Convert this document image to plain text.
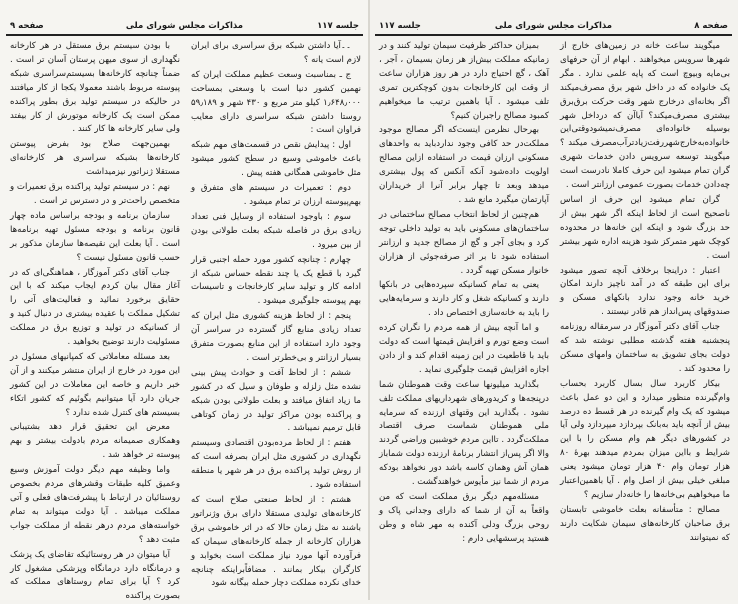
جلسه ۱۱۷
مذاکرات مجلس شورای ملی
صفحه ۹

۔۔آیا داشتن شبکه برق سراسری برای ایران لازم است یانه ؟

ج ـ بمناسبت وسعت عظیم مملکت ایران که نهمین کشور دنیا است با وسعتی بمساحت ۱٫۶۴۸٫۰۰۰ کیلو متر مربع و ۴۳۰ شهر و ۵۹٫۱۸۹ روستا داشتن شبکه سراسری دارای معایب فراوان است :

اول : پیدایش نقص در قسمت‌های مهم شبکه باعث خاموشی وسیع در سطح کشور میشود مثل خاموشی همگانی هفته پیش .

دوم : تعمیرات در سیستم های متفرق و بهم‌پیوسته ارزان تر تمام میشود .

سوم : باوجود استفاده از وسایل فنی تعداد زیادی برق در فاصله شبکه بعلت طولانی بودن از بین میرود .

چهارم : چنانچه کشور مورد حمله اجنبی قرار گیرد با قطع یک یا چند نقطه حساس شبکه از ادامه کار و تولید سایر کارخانجات و تاسیسات بهم پیوسته جلوگیری میشود .

پنجم : از لحاظ هزینه کشوری مثل ایران که تعداد زیادی منابع گاز گسترده در سراسر آن وجود دارد استفاده از این منابع بصورت متفرق بسیار ارزانتر و بی‌خطرتر است .

ششم : از لحاظ آفت و حوادث پیش بینی نشده مثل زلزله و طوفان و سیل که در کشور ما زیاد اتفاق میافتد و بعلت طولانی بودن شبکه و پراکنده بودن مراکز تولید در زمان کوتاهی قابل ترمیم نمیباشد .

هفتم : از لحاظ مرده‌بودن اقتصادی وسیستم نگهداری در کشوری مثل ایران بصرفه است که از روش تولید پراکنده برق در هر شهر یا منطقه استفاده شود .

هشتم : از لحاظ صنعتی صلاح است که کارخانه‌های تولیدی مستقلا دارای برق وژنراتور باشند نه مثل زمان حالا که در اثر خاموشی برق هزاران کارخانه از جمله کارخانه‌های سیمان که فرآورده آنها مورد نیاز مملکت است بخوابد و کارگران بیکار بمانند . مضافاً‌براینکه چنانچه خدای نکرده مملکت دچار حمله بیگانه شود

با بودن سیستم برق مستقل در هر کارخانه نگهداری از سوی میهن پرستان آسان تر است . ضمناً چنانچه کارخانه‌ها بسیستم‌سراسری شبکه پیوسته مربوط باشند معمولا یکجا از کار میافتند در حالیکه در سیستم تولید برق بطور پراکنده ممکن است یک کارخانه موتورش از کار بیفتد ولی سایر کارخانه ها کار کنند .

بهمین‌جهت صلاح بود بفرض پیوستن کارخانه‌ها بشبکه سراسری هر کارخانه‌ای مستقلا ژنراتور نیزمیداشت

نهم : در سیستم تولید پراکنده برق تعمیرات و متخصص راحت‌تر و در دسترس تر است .

سازمان برنامه و بودجه براساس ماده چهار قانون برنامه و بودجه مسئول تهیه برنامه‌ها است . آیا بعلت این نقیصه‌ها سازمان مذکور بر حسب قانون مسئول نیست ؟

جناب آقای دکتر آموزگار ، هماهنگی‌ای که در آغاز مقال بیان کردم ایجاب میکند که با این حقایق برخورد نمائید و فعالیت‌های آتی را تشکیل مملکت با عقیده بیشتری در دنبال کنید و از کسانیکه در تولید و توزیع برق در مملکت مسئولیت دارند توضیح بخواهید .

بعد مسئله معاملاتی که کمپانیهای مسئول در این مورد در خارج از ایران منتشر میکنند و از آن خبر داریم و خاصه این معاملات در این کشور جریان دارد آیا میتوانیم بگوئیم که کشور اتکاء بسیستم های کنترل شده ندارد ؟

معرض این تحقیق قرار دهد بشتیبانی وهمکاری صمیمانه مردم بادولت بیشتر و بهم پیوسته تر خواهد شد .

واما وظیفه مهم دیگر دولت آموزش وسیع وعمیق کلیه طبقات وقشرهای مردم بخصوص روستائیان در ارتباط با پیشرفت‌های فعلی و آتی مملکت میباشد . آیا دولت میتواند به تمام خواسته‌های مردم درهر نقطه از مملکت جواب مثبت دهد ؟

آیا میتوان در هر روستائیکه تقاضای یک پزشک و درمانگاه دارد درمانگاه وپزشکی مشغول کار کرد ؟ آیا برای تمام روستاهای مملکت که بصورت پراکنده

صفحه ۸
مذاکرات مجلس شورای ملی
جلسه ۱۱۷

میگویند ساعت خانه در زمین‌های خارج از شهرها سرویس میخواهند . ابهام از آن حرفهای بی‌مایه وبیوچ است که پایه علمی ندارد . مگر یک خانواده که در داخل شهر برق مصرف‌میکند اگر بخانه‌ای درخارج شهر وقت حرکت برق‌برق بیشتری مصرف‌میکند؟ آیاآن که درداخل شهر بوسیله خانواده‌ای مصرف‌نمیشود‌وقتی‌این خانواده‌به‌خارج‌شهر‌رفت‌زیاد‌تر‌آب‌مصرف میکند ؟ میگویند توسعه سرویس دادن خدمات شهری گران تمام میشود این حرف کاملا نادرست است چه‌دادن خدمات بصورت عمومی ارزانتر است .

گران تمام میشود این حرف از اساس ناصحیح است از لحاظ اینکه اگر شهر بیش از حد بزرگ شود و اینکه این خانه‌ها در محدوده کوچک شهر متمرکز شود هزینه اداره شهر بیشتر است .

اعتبار : دراینجا برخلاف آنچه تصور میشود برای این طبقه که در آمد ناچیز دارند امکان خرید خانه وجود ندارد بانکهای مسکن و صندوقهای پس‌انداز هم قادر نیستند .

جناب آقای دکتر آموزگار در سرمقاله روزنامه پنجشنبه هفته گذشته مطلبی نوشته شد که دولت بجای تشویق به ساختمان وامهای مسکن را محدود کند .

بیکار کاربرد سال بسال کاربرد بحساب وام‌گیرنده منظور میدارد و این دو عمل باعث میشود که یک وام گیرنده در هر قسط ده درصد بیش از آنچه باید به‌بانک بپردازد میپردازد ولی آیا در کشورهای دیگر هم وام مسکن را با این شرایط و بااین میزان بمردم میدهند بهرهٔ ۸۰ هزار تومان وام ۴۰ هزار تومان میشود یعنی مبلغی خیلی بیش از اصل وام . آیا باهمین‌اعتبار ما میخواهیم بی‌خانه‌ها را خانه‌دار سازیم ؟

مصالح : متأسفانه بعلت خاموشی تابستان برق صاحبان کارخانه‌های سیمان شکایت دارند که نمیتوانند

بمیزان حداکثر ظرفیت سیمان تولید کنند و در زمانیکه مملکت بیش‌از هر زمان بسیمان ، آجر ، آهک ، گچ احتیاج دارد در هر روز هزاران ساعت از وقت این کارخانجات بدون کوچکترین تمری تلف میشود . آیا باهمین ترتیب ما میخواهیم کمبود مصالح راجبران کنیم؟

بهرحال نظرمن اینست‌که اگر مصالح موجود مملکت‌در حد کافی وجود ندارد‌باید به واحدهای مسکونی ارزان قیمت در استفاده ازاین مصالح اولویت داده‌شود آنکه آنکس که پول بیشتری میدهد وبعد تا چهار برابر آنرا از خریداران آپارتمان میگیرد مانع شد .

هم‌چنین از لحاظ انتخاب مصالح ساختمانی در ساختمان‌های مسکونی باید به تولید داخلی توجه کرد و بجای آجر و گچ از مصالح جدید و ارزانتر استفاده شود تا بر اثر صرفه‌جوئی از هزاران خانوار مسکن تهیه گردد .

یعنی به تمام کسانیکه سپرده‌هایی در بانکها دارند و کسانیکه شغل و کار دارند و سرمایه‌هایی را باید به خانه‌سازی اختصاص داد .

و اما آنچه بیش از همه مردم را نگران کرده است وضع تورم و افزایش قیمتها است که دولت باید با قاطعیت در این زمینه اقدام کند و از دادن اجازه افزایش قیمت جلوگیری نماید .

بگذارید میلیونها ساعت وقت هموطنان شما درپنجه‌ها و کریدورهای شهرداریهای مملکت تلف نشود . بگذارید این وقتهای ارزنده که سرمایه ملی هموطنان شماست صرف اقتصاد مملکت‌گردد . تااین مردم خوشبین وراضی گردند والا اگر پس‌از انتشار برنامهٔ ارزنده دولت شما‌باز همان آش وهمان کاسه باشد دور نخواهد بودکه مردم از شما نیز مأیوس خواهندگشت .

مسئله‌مهم دیگر برق مملکت است که من واقعاً به آن از شما که دارای وجدانی پاک و روحی بزرگ ودلی آکنده به مهر شاه و وطن هستید پرسشهایی دارم :
